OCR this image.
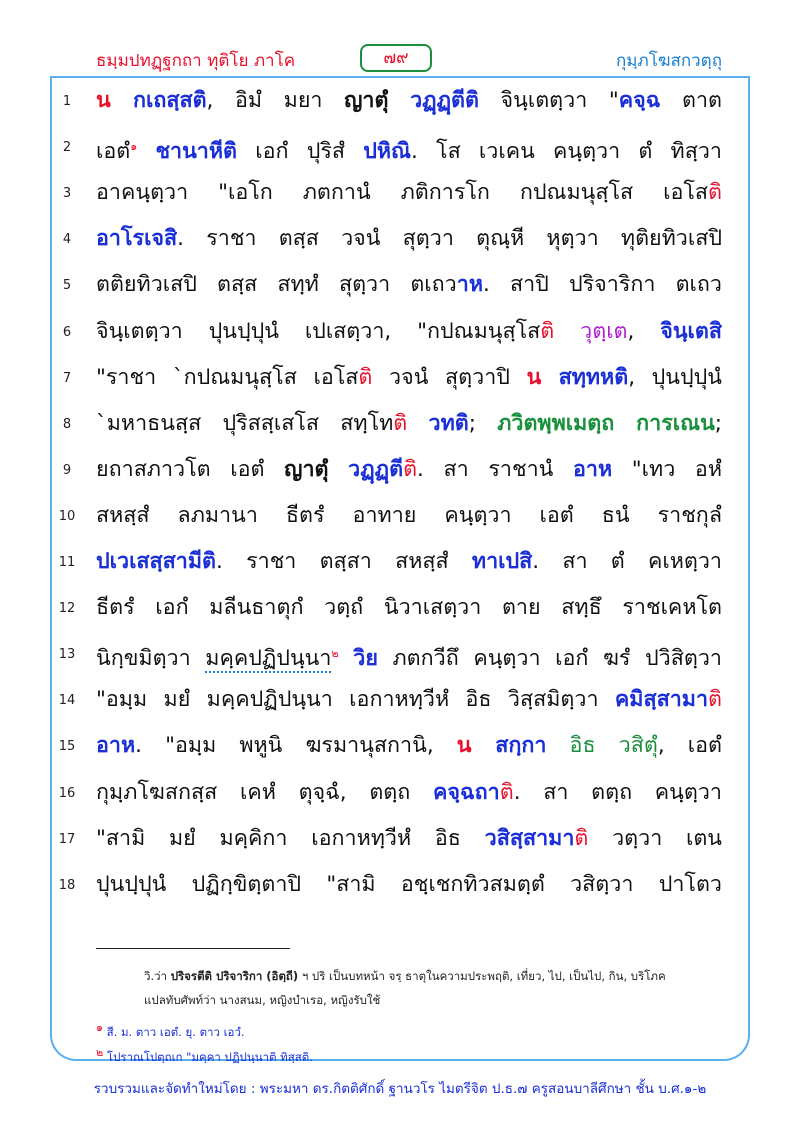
ธมฺมปทฏฺฐกถา ทุติโย ภาโค	๗๙	กุมฺภโฆสกวตฺถุ
1	น กเถสฺสติ, อิมํ มยา ญาตุํ วฏฺฏฺตีติ จินฺเตตฺวา "คจฺฉ ตาต
2	เอตํ$^๑$ ชานาหีติ เอกํ ปุริสํ ปหิณิ. โส เวเคน คนฺตฺวา ตํ ทิสฺวา
3	อาคนฺตฺวา "เอโก ภตกานํ ภติการโก กปณมนุสฺโส เอโสติ
4	อาโรเจสิ. ราชา ตสฺส วจนํ สุตฺวา ตุณฺหี หุตฺวา ทุติยทิวเสปิ
5	ตติยทิวเสปิ ตสฺส สทฺทํ สุตฺวา ตเถวาห. สาปิ ปริจาริกา ตเถว
6	จินฺเตตฺวา ปุนปฺปุนํ เปเสตฺวา, "กปณมนุสฺโสติ วุตฺเต, จินฺเตสิ
7	"ราชา `กปณมนุสฺโส เอโสติ วจนํ สุตฺวาปิ น สทฺทหติ, ปุนปฺปุนํ
8	`มหาธนสฺส ปุริสสฺเสโส สทฺโทติ วทติ; ภวิตพฺพเมตฺถ การเณน;
9	ยถาสภาวโต เอตํ ญาตุํ วฏฺฏฺตีติ. สา ราชานํ อาห "เทว อหํ
10 สหสฺสํ ลภมานา ธีตรํ อาทาย คนฺตฺวา เอตํ ธนํ ราชกุลํ
11 ปเวเสสฺสามีติ. ราชา ตสฺสา สหสฺสํ ทาเปสิ. สา ตํ คเหตฺวา
12 ธีตรํ เอกํ มลีนธาตุกํ วตฺถํ นิวาเสตฺวา ตาย สทฺธึ ราชเคหโต
13 นิกฺขมิตฺวา มคฺคปฏิปนฺนา$^๒$ วิย ภตกวีถึ คนฺตฺวา เอกํ ฆรํ ปวิสิตฺวา
14 "อมฺม มยํ มคฺคปฏิปนฺนา เอกาหทฺวีหํ อิธ วิสฺสมิตฺวา คมิสฺสามาติ
15 อาห. "อมฺม พหูนิ ฆรมานุสกานิ, น สกฺกา อิธ วสิตุํ, เอตํ
16 กุมฺภโฆสกสฺส เคหํ ตุจฺฉํ, ตตฺถ คจฺฉถาติ. สา ตตฺถ คนฺตฺวา
17 "สามิ มยํ มคฺคิกา เอกาหทฺวีหํ อิธ วสิสฺสามาติ วตฺวา เตน
18 ปุนปฺปุนํ ปฏิกฺขิตฺตาปิ "สามิ อชฺเชกทิวสมตฺตํ วสิตฺวา ปาโตว
วิ.ว่า ปริจรตีติ ปริจาริกา (อิตฺถี) ฯ ปริ เป็นบทหน้า จรฺ ธาตุในความประพฤติ, เที่ยว, ไป, เป็นไป, กิน, บริโภค
แปลทับศัพท์ว่า นางสนม, หญิงบำเรอ, หญิงรับใช้
๑ สี. ม. ตาว เอตํ. ยุ. ตาว เอวํ.
๒ โปราณโปตฺถเก "มคฺคา ปฏิปนฺนาติ ทิสฺสติ.
รวบรวมและจัดทำใหม่โดย : พระมหา ดร.กิตติศักดิ์ ฐานวโร ไมตรีจิต ป.ธ.๗ ครูสอนบาลีศึกษา ชั้น บ.ศ.๑-๒
